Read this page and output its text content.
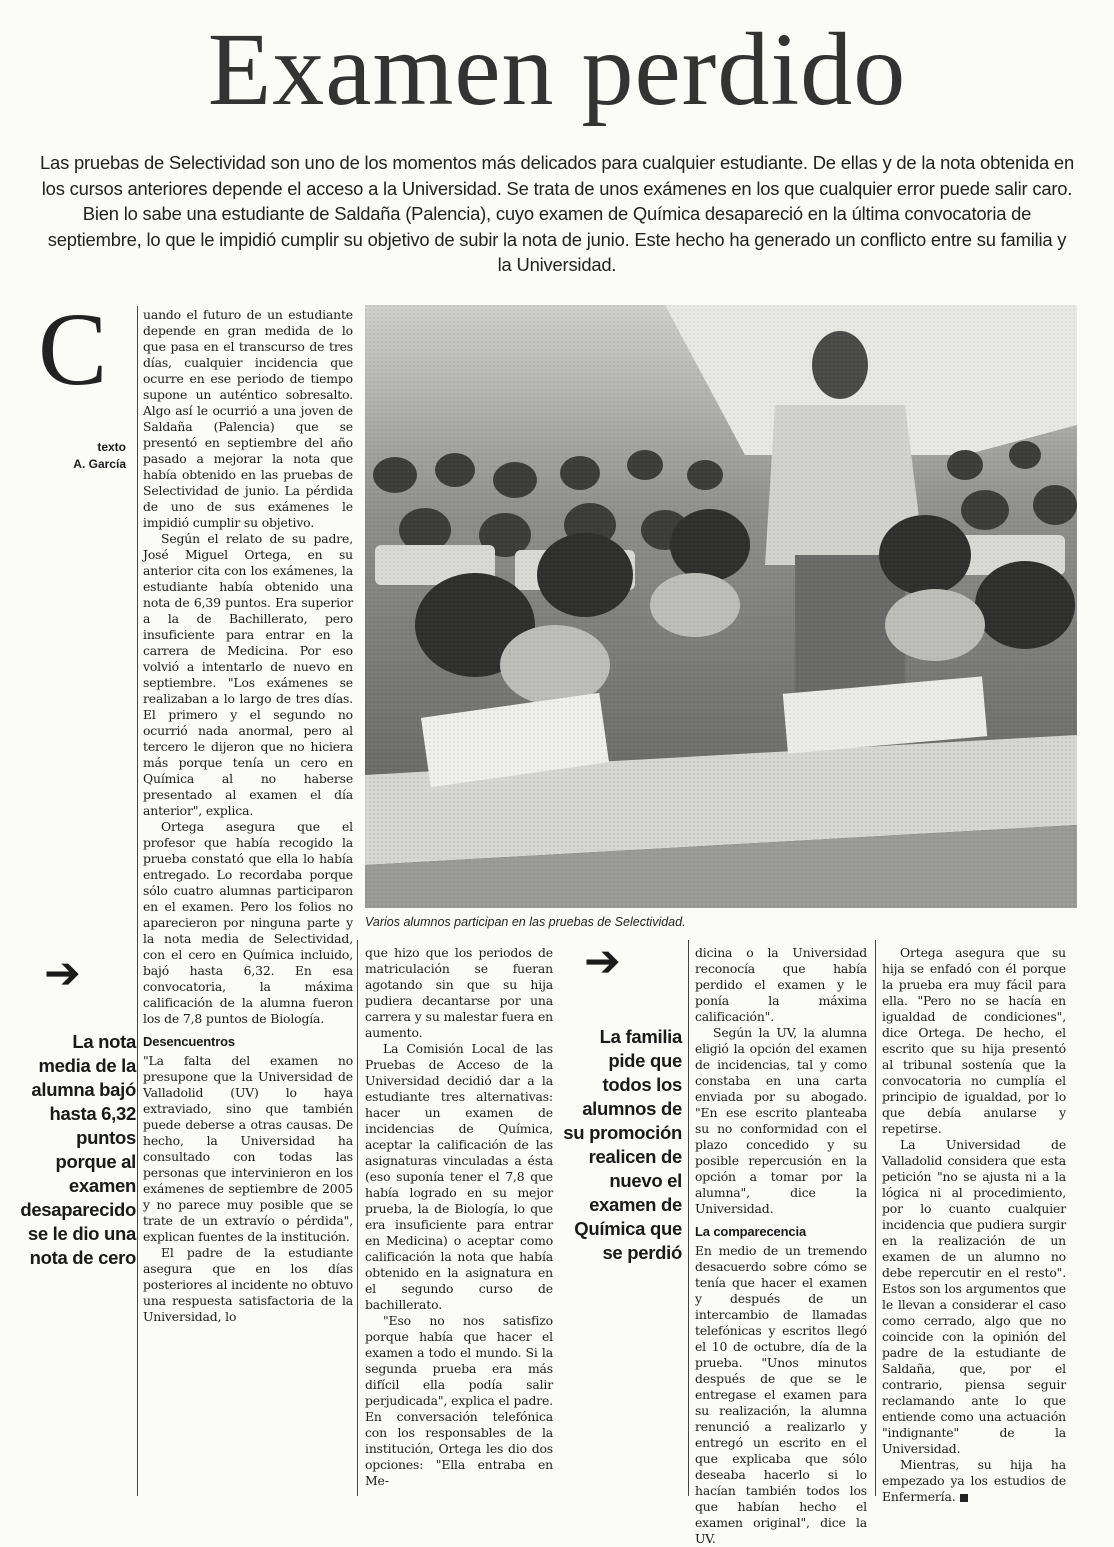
Examen perdido
Las pruebas de Selectividad son uno de los momentos más delicados para cualquier estudiante. De ellas y de la nota obtenida en los cursos anteriores depende el acceso a la Universidad. Se trata de unos exámenes en los que cualquier error puede salir caro. Bien lo sabe una estudiante de Saldaña (Palencia), cuyo examen de Química desapareció en la última convocatoria de septiembre, lo que le impidió cumplir su objetivo de subir la nota de junio. Este hecho ha generado un conflicto entre su familia y la Universidad.
C
texto
A. García

uando el futuro de un estudiante depende en gran medida de lo que pasa en el transcurso de tres días, cualquier incidencia que ocurre en ese periodo de tiempo supone un auténtico sobresalto. Algo así le ocurrió a una joven de Saldaña (Palencia) que se presentó en septiembre del año pasado a mejorar la nota que había obtenido en las pruebas de Selectividad de junio. La pérdida de uno de sus exámenes le impidió cumplir su objetivo.

Según el relato de su padre, José Miguel Ortega, en su anterior cita con los exámenes, la estudiante había obtenido una nota de 6,39 puntos. Era superior a la de Bachillerato, pero insuficiente para entrar en la carrera de Medicina. Por eso volvió a intentarlo de nuevo en septiembre. "Los exámenes se realizaban a lo largo de tres días. El primero y el segundo no ocurrió nada anormal, pero al tercero le dijeron que no hiciera más porque tenía un cero en Química al no haberse presentado al examen el día anterior", explica.

Ortega asegura que el profesor que había recogido la prueba constató que ella lo había entregado. Lo recordaba porque sólo cuatro alumnas participaron en el examen. Pero los folios no aparecieron por ninguna parte y la nota media de Selectividad, con el cero en Química incluido, bajó hasta 6,32. En esa convocatoria, la máxima calificación de la alumna fueron los de 7,8 puntos de Biología.

Desencuentros

"La falta del examen no presupone que la Universidad de Valladolid (UV) lo haya extraviado, sino que también puede deberse a otras causas. De hecho, la Universidad ha consultado con todas las personas que intervinieron en los exámenes de septiembre de 2005 y no parece muy posible que se trate de un extravío o pérdida", explican fuentes de la institución.

El padre de la estudiante asegura que en los días posteriores al incidente no obtuvo una respuesta satisfactoria de la Universidad, lo

➔
La nota media de la alumna bajó hasta 6,32 puntos porque al examen desaparecido se le dio una nota de cero
Varios alumnos participan en las pruebas de Selectividad.

que hizo que los periodos de matriculación se fueran agotando sin que su hija pudiera decantarse por una carrera y su malestar fuera en aumento.

La Comisión Local de las Pruebas de Acceso de la Universidad decidió dar a la estudiante tres alternativas: hacer un examen de incidencias de Química, aceptar la calificación de las asignaturas vinculadas a ésta (eso suponía tener el 7,8 que había logrado en su mejor prueba, la de Biología, lo que era insuficiente para entrar en Medicina) o aceptar como calificación la nota que había obtenido en la asignatura en el segundo curso de bachillerato.

"Eso no nos satisfizo porque había que hacer el examen a todo el mundo. Si la segunda prueba era más difícil ella podía salir perjudicada", explica el padre. En conversación telefónica con los responsables de la institución, Ortega les dio dos opciones: "Ella entraba en Me-

➔
La familia pide que todos los alumnos de su promoción realicen de nuevo el examen de Química que se perdió

dicina o la Universidad reconocía que había perdido el examen y le ponía la máxima calificación".

Según la UV, la alumna eligió la opción del examen de incidencias, tal y como constaba en una carta enviada por su abogado. "En ese escrito planteaba su no conformidad con el plazo concedido y su posible repercusión en la opción a tomar por la alumna", dice la Universidad.

La comparecencia

En medio de un tremendo desacuerdo sobre cómo se tenía que hacer el examen y después de un intercambio de llamadas telefónicas y escritos llegó el 10 de octubre, día de la prueba. "Unos minutos después de que se le entregase el examen para su realización, la alumna renunció a realizarlo y entregó un escrito en el que explicaba que sólo deseaba hacerlo si lo hacían también todos los que habían hecho el examen original", dice la UV.

Ortega asegura que su hija se enfadó con él porque la prueba era muy fácil para ella. "Pero no se hacía en igualdad de condiciones", dice Ortega. De hecho, el escrito que su hija presentó al tribunal sostenía que la convocatoria no cumplía el principio de igualdad, por lo que debía anularse y repetirse.

La Universidad de Valladolid considera que esta petición "no se ajusta ni a la lógica ni al procedimiento, por lo cuanto cualquier incidencia que pudiera surgir en la realización de un examen de un alumno no debe repercutir en el resto". Estos son los argumentos que le llevan a considerar el caso como cerrado, algo que no coincide con la opinión del padre de la estudiante de Saldaña, que, por el contrario, piensa seguir reclamando ante lo que entiende como una actuación "indignante" de la Universidad.

Mientras, su hija ha empezado ya los estudios de Enfermería.
